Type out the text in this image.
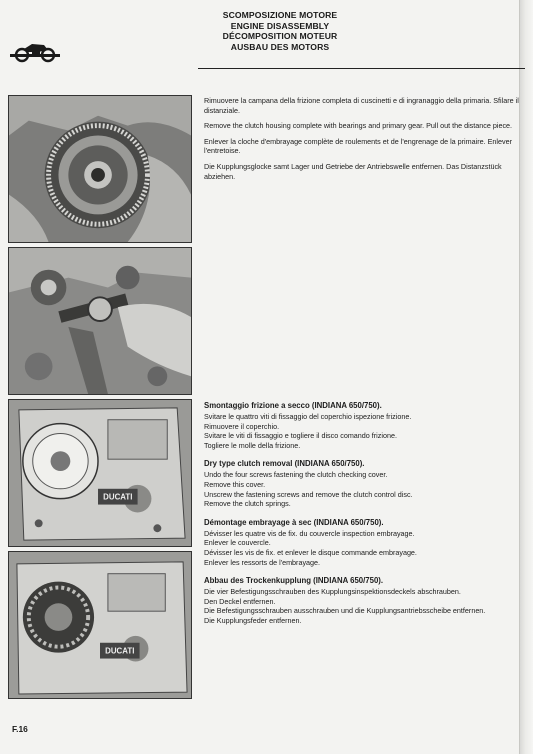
SCOMPOSIZIONE MOTORE
ENGINE DISASSEMBLY
DÉCOMPOSITION MOTEUR
AUSBAU DES MOTORS
DUCATI
DUCATI

Rimuovere la campana della frizione completa di cuscinetti e di ingranaggio della primaria. Sfilare il distanziale.

Remove the clutch housing complete with bearings and primary gear. Pull out the distance piece.

Enlever la cloche d'embrayage complète de roulements et de l'engrenage de la primaire. Enlever l'entretoise.

Die Kupplungsglocke samt Lager und Getriebe der Antriebswelle entfernen. Das Distanzstück abziehen.

Smontaggio frizione a secco (INDIANA 650/750).
Svitare le quattro viti di fissaggio del coperchio ispezione frizione.
Rimuovere il coperchio.
Svitare le viti di fissaggio e togliere il disco comando frizione.
Togliere le molle della frizione.
Dry type clutch removal (INDIANA 650/750).
Undo the four screws fastening the clutch checking cover.
Remove this cover.
Unscrew the fastening screws and remove the clutch control disc.
Remove the clutch springs.
Démontage embrayage à sec (INDIANA 650/750).
Dévisser les quatre vis de fix. du couvercle inspection embrayage.
Enlever le couvercle.
Dévisser les vis de fix. et enlever le disque commande embrayage.
Enlever les ressorts de l'embrayage.
Abbau des Trockenkupplung (INDIANA 650/750).
Die vier Befestigungsschrauben des Kupplungsinspektionsdeckels abschrauben.
Den Deckel entfernen.
Die Befestigungsschrauben ausschrauben und die Kupplungsantriebsscheibe entfernen.
Die Kupplungsfeder entfernen.
F.16
